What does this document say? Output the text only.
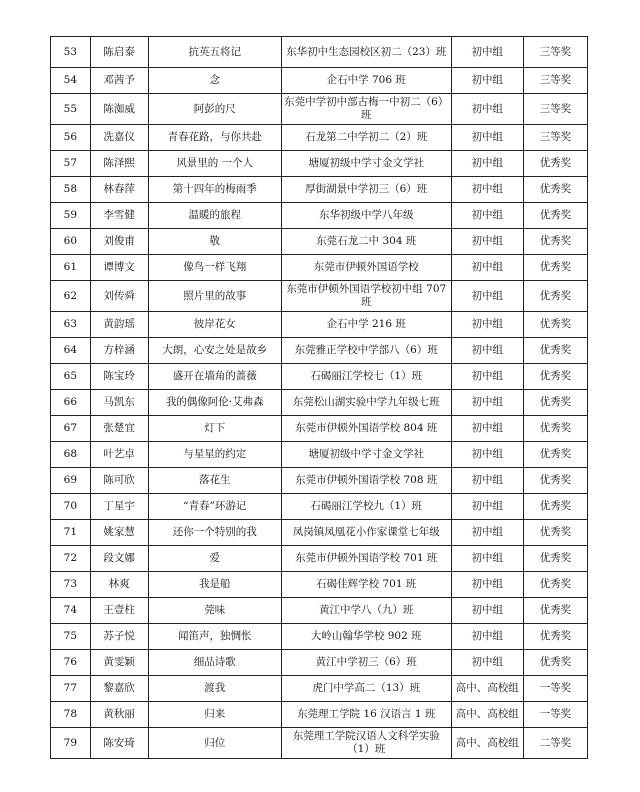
53	陈启泰	抗英五将记	东华初中生态园校区初二（23）班	初中组	三等奖
54	邓茜予	念	企石中学 706 班	初中组	三等奖
55	陈洳威	阿彭的尺	东莞中学初中部古梅一中初二（6）班	初中组	三等奖
56	冼嘉仪	青春花路，与你共赴	石龙第二中学初二（2）班	初中组	三等奖
57	陈泽熙	风景里的 一个人	塘厦初级中学寸金文学社	初中组	优秀奖
58	林春萍	第十四年的梅雨季	厚街湖景中学初三（6）班	初中组	优秀奖
59	李雪健	温暖的旅程	东华初级中学八年级	初中组	优秀奖
60	刘俊甫	敬	东莞石龙二中 304 班	初中组	优秀奖
61	谭博文	像鸟一样飞翔	东莞市伊顿外国语学校	初中组	优秀奖
62	刘传舜	照片里的故事	东莞市伊顿外国语学校初中组 707 班	初中组	优秀奖
63	黄韵瑶	彼岸花女	企石中学 216 班	初中组	优秀奖
64	方梓涵	大朗，心安之处是故乡	东莞雅正学校中学部八（6）班	初中组	优秀奖
65	陈宝玲	盛开在墙角的蔷薇	石碣丽江学校七（1）班	初中组	优秀奖
66	马凯东	我的偶像阿伦·艾弗森	东莞松山湖实验中学九年级七班	初中组	优秀奖
67	张楚宜	灯下	东莞市伊顿外国语学校 804 班	初中组	优秀奖
68	叶艺卓	与星星的约定	塘厦初级中学寸金文学社	初中组	优秀奖
69	陈可欣	落花生	东莞市伊顿外国语学校 708 班	初中组	优秀奖
70	丁星宇	“青春”环游记	石碣丽江学校九（1）班	初中组	优秀奖
71	姚家慧	还你一个特别的我	凤岗镇凤凰花小作家课堂七年级	初中组	优秀奖
72	段文娜	爱	东莞市伊顿外国语学校 701 班	初中组	优秀奖
73	林爽	我是船	石碣佳辉学校 701 班	初中组	优秀奖
74	王壹柱	莞味	黄江中学八（九）班	初中组	优秀奖
75	苏子悦	闻笛声，独惆怅	大岭山翰华学校 902 班	初中组	优秀奖
76	黄雯颖	细品诗歌	黄江中学初三（6）班	初中组	优秀奖
77	黎嘉欣	渡我	虎门中学高二（13）班	高中、高校组	一等奖
78	黄秋丽	归来	东莞理工学院 16 汉语言 1 班	高中、高校组	一等奖
79	陈安琦	归位	东莞理工学院汉语人文科学实验（1）班	高中、高校组	二等奖
